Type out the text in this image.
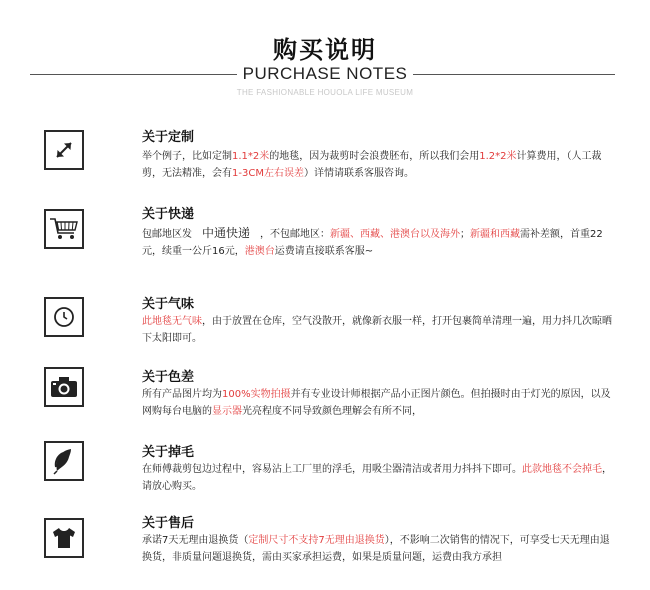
购买说明
PURCHASE NOTES
THE FASHIONABLE HOUOLA LIFE MUSEUM
关于定制
举个例子，比如定制1.1*2米的地毯，因为裁剪时会浪费胚布，所以我们会用1.2*2米计算费用，（人工裁剪，无法精准，会有1-3CM左右误差）详情请联系客服咨询。
关于快递
包邮地区发　中通快递　，不包邮地区：新疆、西藏、港澳台以及海外；新疆和西藏需补差额，首重22元，续重一公斤16元，港澳台运费请直接联系客服~
关于气味
此地毯无气味，由于放置在仓库，空气没散开，就像新衣服一样，打开包裹简单清理一遍，用力抖几次晾晒下太阳即可。
关于色差
所有产品图片均为100%实物拍摄并有专业设计师根据产品小正图片颜色。但拍摄时由于灯光的原因，以及网购每台电脑的显示器光亮程度不同导致颜色理解会有所不同，
关于掉毛
在师傅裁剪包边过程中，容易沾上工厂里的浮毛，用吸尘器清洁或者用力抖抖下即可。此款地毯不会掉毛，请放心购买。
关于售后
承诺7天无理由退换货（定制尺寸不支持7无理由退换货），不影响二次销售的情况下，可享受七天无理由退换货，非质量问题退换货，需由买家承担运费，如果是质量问题，运费由我方承担
